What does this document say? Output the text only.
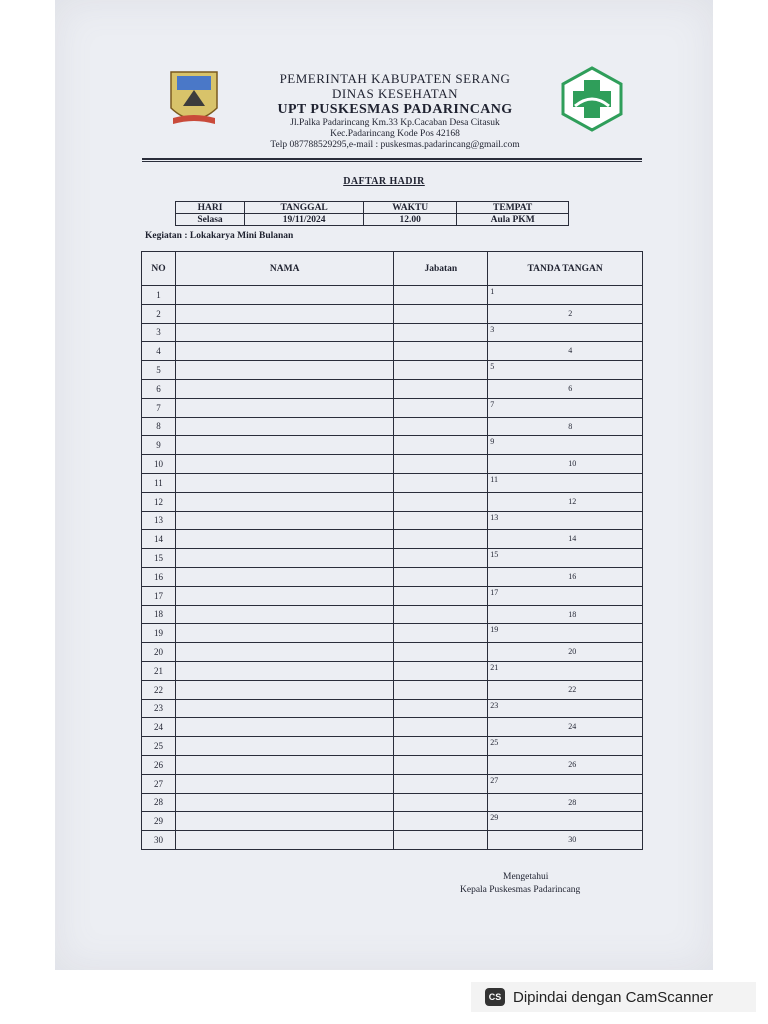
PEMERINTAH KABUPATEN SERANG
DINAS KESEHATAN
UPT PUSKESMAS PADARINCANG
Jl.Palka Padarincang Km.33 Kp.Cacaban Desa Citasuk
Kec.Padarincang Kode Pos 42168
Telp 087788529295,e-mail : puskesmas.padarincang@gmail.com
DAFTAR HADIR
HARI	TANGGAL	WAKTU	TEMPAT
Selasa	19/11/2024	12.00	Aula PKM
Kegiatan : Lokakarya Mini Bulanan
NO	NAMA	Jabatan	TANDA TANGAN
1			1

2			2

3			3

4			4

5			5

6			6

7			7

8			8

9			9

10			10

11			11

12			12

13			13

14			14

15			15

16			16

17			17

18			18

19			19

20			20

21			21

22			22

23			23

24			24

25			25

26			26

27			27

28			28

29			29

30			30
Mengetahui
Kepala Puskesmas Padarincang
CS Dipindai dengan CamScanner
